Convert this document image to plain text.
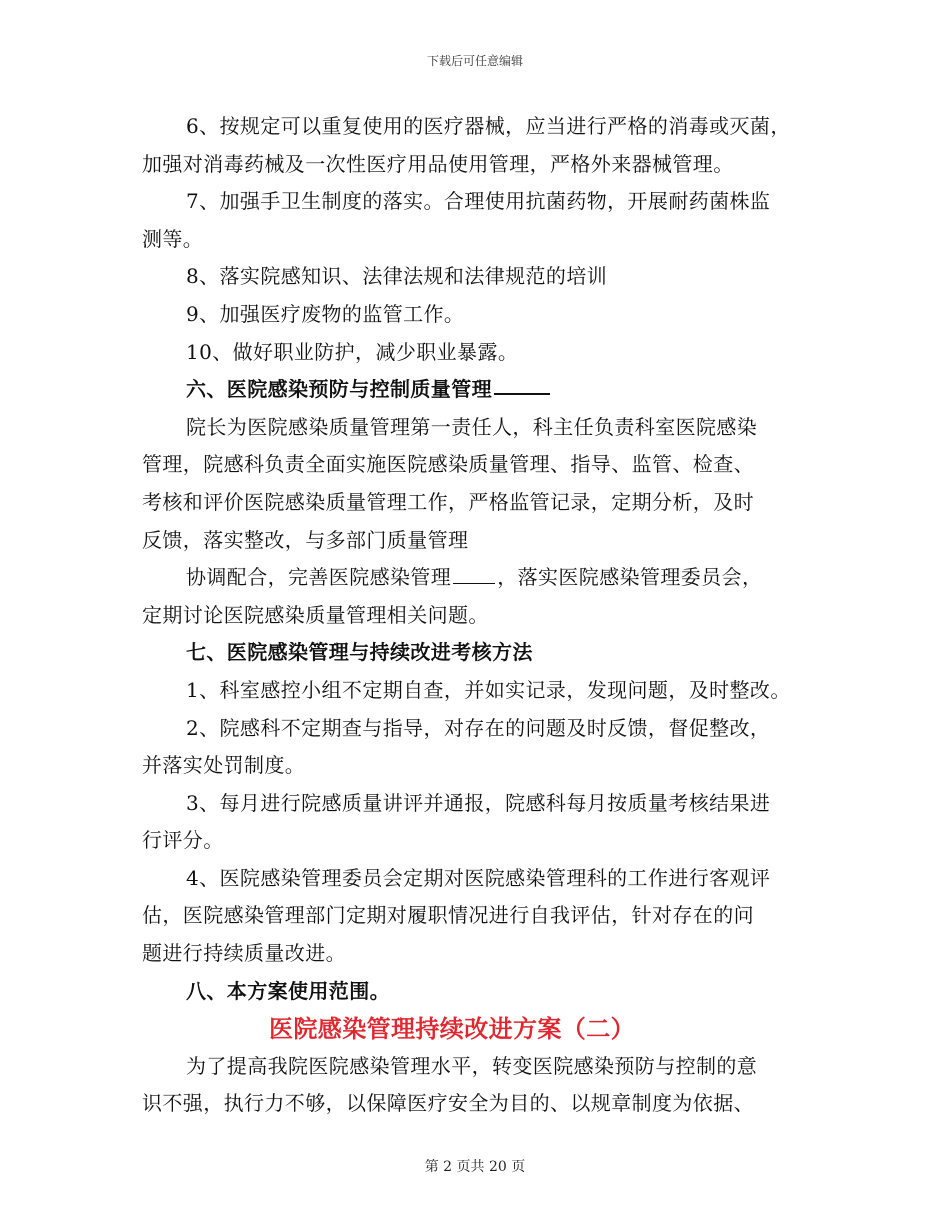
下载后可任意编辑
6、按规定可以重复使用的医疗器械，应当进行严格的消毒或灭菌，
加强对消毒药械及一次性医疗用品使用管理，严格外来器械管理。
7、加强手卫生制度的落实。合理使用抗菌药物，开展耐药菌株监
测等。
8、落实院感知识、法律法规和法律规范的培训
9、加强医疗废物的监管工作。
10、做好职业防护，减少职业暴露。
六、医院感染预防与控制质量管理
院长为医院感染质量管理第一责任人，科主任负责科室医院感染
管理，院感科负责全面实施医院感染质量管理、指导、监管、检查、
考核和评价医院感染质量管理工作，严格监管记录，定期分析，及时
反馈，落实整改，与多部门质量管理
协调配合，完善医院感染管理 ，落实医院感染管理委员会，
定期讨论医院感染质量管理相关问题。
七、医院感染管理与持续改进考核方法
1、科室感控小组不定期自查，并如实记录，发现问题，及时整改。
2、院感科不定期查与指导，对存在的问题及时反馈，督促整改，
并落实处罚制度。
3、每月进行院感质量讲评并通报，院感科每月按质量考核结果进
行评分。
4、医院感染管理委员会定期对医院感染管理科的工作进行客观评
估，医院感染管理部门定期对履职情况进行自我评估，针对存在的问
题进行持续质量改进。
八、本方案使用范围。
医院感染管理持续改进方案（二）
为了提高我院医院感染管理水平，转变医院感染预防与控制的意
识不强，执行力不够，以保障医疗安全为目的、以规章制度为依据、
第 2 页共 20 页
